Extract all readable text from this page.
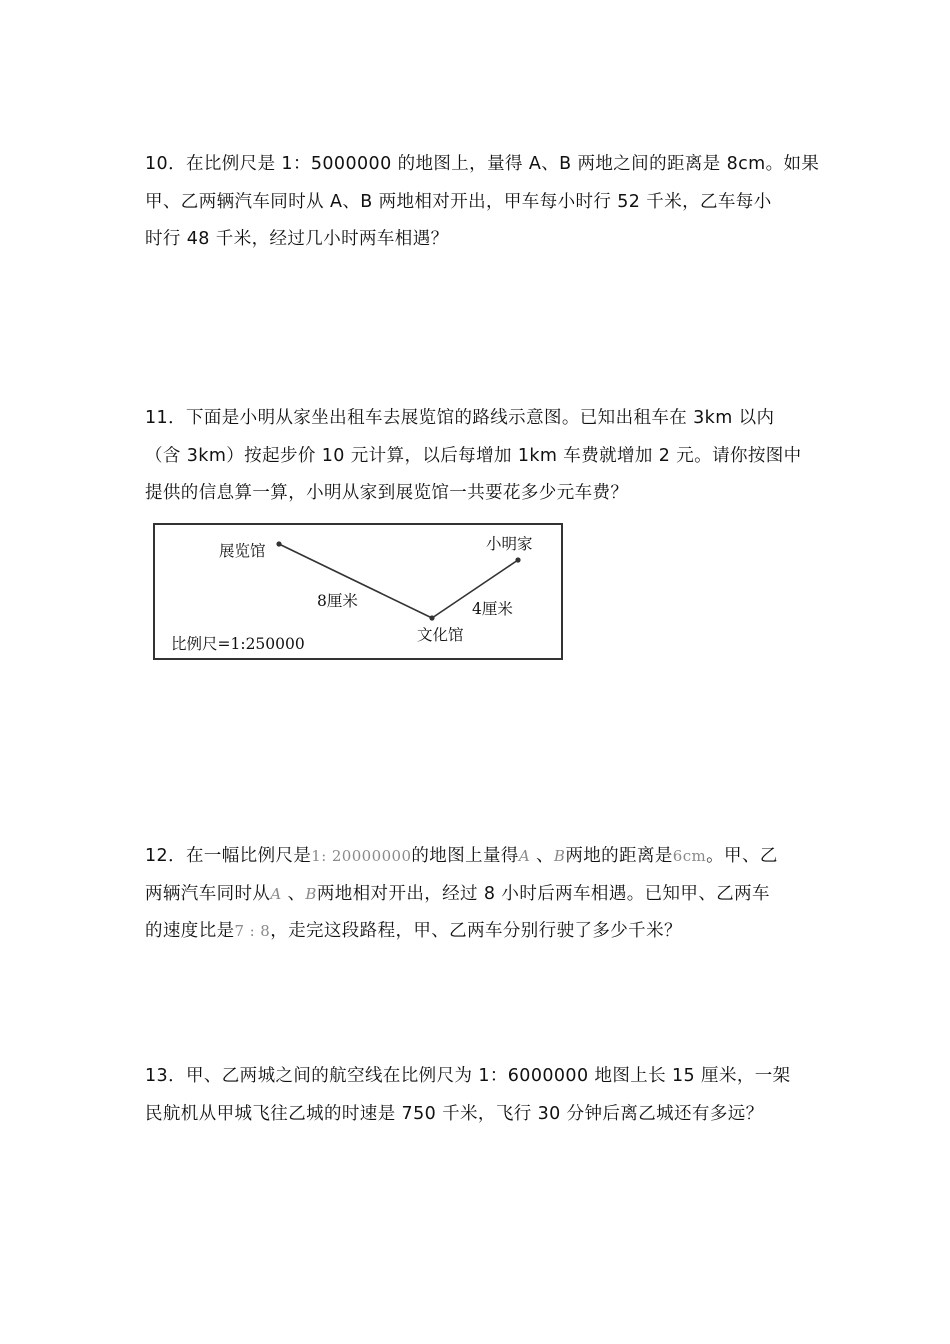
10．在比例尺是 1：5000000 的地图上，量得 A、B 两地之间的距离是 8cm。如果
甲、乙两辆汽车同时从 A、B 两地相对开出，甲车每小时行 52 千米，乙车每小
时行 48 千米，经过几小时两车相遇？
11．下面是小明从家坐出租车去展览馆的路线示意图。已知出租车在 3km 以内
（含 3km）按起步价 10 元计算，以后每增加 1km 车费就增加 2 元。请你按图中
提供的信息算一算，小明从家到展览馆一共要花多少元车费？
展览馆	小明家
8厘米	4厘米
文化馆
比例尺=1:250000
12．在一幅比例尺是1: 20000000的地图上量得A 、B两地的距离是6cm。甲、乙
两辆汽车同时从A 、B两地相对开出，经过 8 小时后两车相遇。已知甲、乙两车
的速度比是7 : 8，走完这段路程，甲、乙两车分别行驶了多少千米？
13．甲、乙两城之间的航空线在比例尺为 1：6000000 地图上长 15 厘米，一架
民航机从甲城飞往乙城的时速是 750 千米，飞行 30 分钟后离乙城还有多远？
